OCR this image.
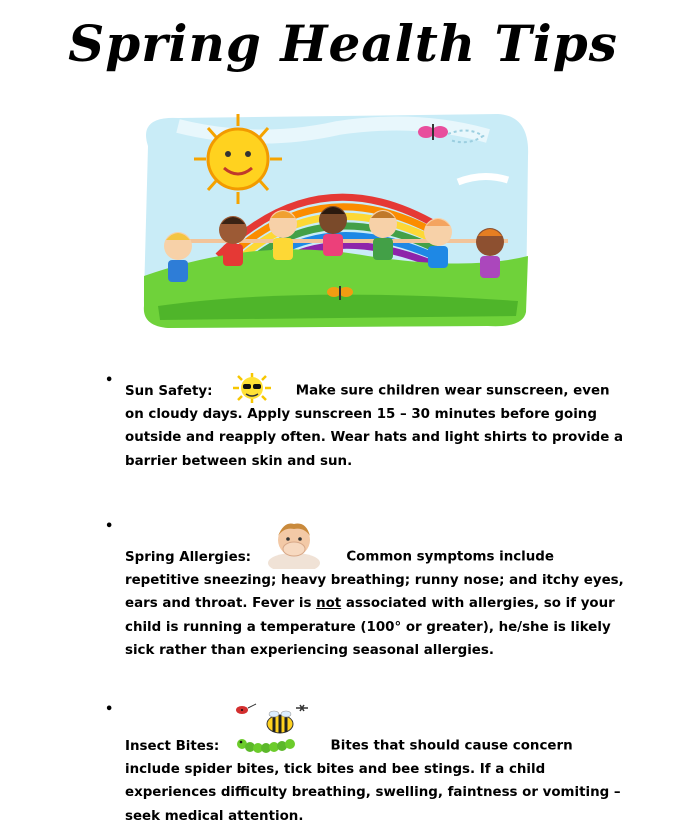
Spring Health Tips
•

Sun Safety:	Make sure children wear sunscreen, even on cloudy days. Apply sunscreen 15 – 30 minutes before going outside and reapply often. Wear hats and light shirts to provide a barrier between skin and sun.

•

Spring Allergies:	Common symptoms include repetitive sneezing; heavy breathing; runny nose; and itchy eyes, ears and throat. Fever is not associated with allergies, so if your child is running a temperature (100° or greater), he/she is likely sick rather than experiencing seasonal allergies.

•

Insect Bites:	Bites that should cause concern include spider bites, tick bites and bee stings. If a child experiences difficulty breathing, swelling, faintness or vomiting – seek medical attention.
